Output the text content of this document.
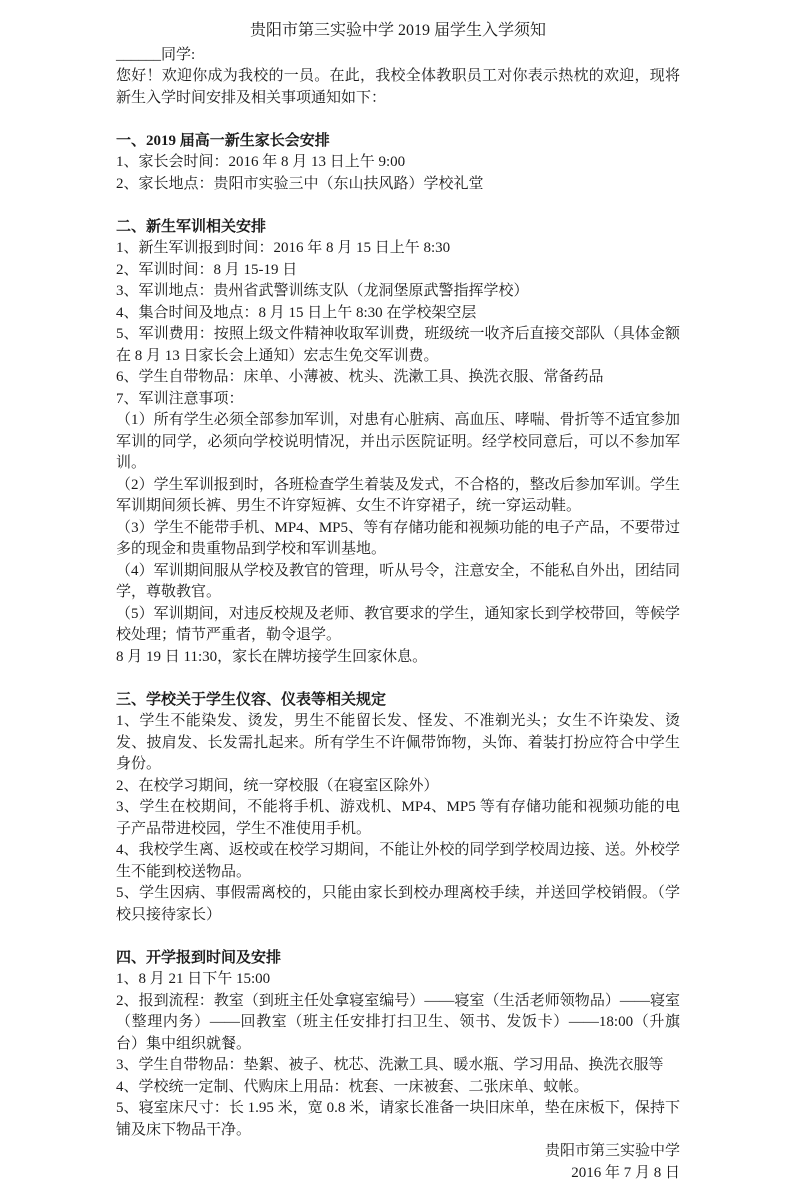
贵阳市第三实验中学 2019 届学生入学须知

______同学:

您好！欢迎你成为我校的一员。在此，我校全体教职员工对你表示热枕的欢迎，现将新生入学时间安排及相关事项通知如下：

一、2019 届高一新生家长会安排

1、家长会时间：2016 年 8 月 13 日上午 9:00

2、家长地点：贵阳市实验三中（东山扶风路）学校礼堂

二、新生军训相关安排

1、新生军训报到时间：2016 年 8 月 15 日上午 8:30

2、军训时间：8 月 15-19 日

3、军训地点：贵州省武警训练支队（龙洞堡原武警指挥学校）

4、集合时间及地点：8 月 15 日上午 8:30 在学校架空层

5、军训费用：按照上级文件精神收取军训费，班级统一收齐后直接交部队（具体金额在 8 月 13 日家长会上通知）宏志生免交军训费。

6、学生自带物品：床单、小薄被、枕头、洗漱工具、换洗衣服、常备药品

7、军训注意事项：

（1）所有学生必须全部参加军训，对患有心脏病、高血压、哮喘、骨折等不适宜参加军训的同学，必须向学校说明情况，并出示医院证明。经学校同意后，可以不参加军训。

（2）学生军训报到时，各班检查学生着装及发式，不合格的，整改后参加军训。学生军训期间须长裤、男生不许穿短裤、女生不许穿裙子，统一穿运动鞋。

（3）学生不能带手机、MP4、MP5、等有存储功能和视频功能的电子产品，不要带过多的现金和贵重物品到学校和军训基地。

（4）军训期间服从学校及教官的管理，听从号令，注意安全，不能私自外出，团结同学，尊敬教官。

（5）军训期间，对违反校规及老师、教官要求的学生，通知家长到学校带回，等候学校处理；情节严重者，勒令退学。

8 月 19 日 11:30，家长在牌坊接学生回家休息。

三、学校关于学生仪容、仪表等相关规定

1、学生不能染发、烫发，男生不能留长发、怪发、不准剃光头；女生不许染发、烫发、披肩发、长发需扎起来。所有学生不许佩带饰物，头饰、着装打扮应符合中学生身份。

2、在校学习期间，统一穿校服（在寝室区除外）

3、学生在校期间，不能将手机、游戏机、MP4、MP5 等有存储功能和视频功能的电子产品带进校园，学生不准使用手机。

4、我校学生离、返校或在校学习期间，不能让外校的同学到学校周边接、送。外校学生不能到校送物品。

5、学生因病、事假需离校的，只能由家长到校办理离校手续，并送回学校销假。（学校只接待家长）

四、开学报到时间及安排

1、8 月 21 日下午 15:00

2、报到流程：教室（到班主任处拿寝室编号）——寝室（生活老师领物品）——寝室（整理内务）——回教室（班主任安排打扫卫生、领书、发饭卡）——18:00（升旗台）集中组织就餐。

3、学生自带物品：垫絮、被子、枕芯、洗漱工具、暖水瓶、学习用品、换洗衣服等

4、学校统一定制、代购床上用品：枕套、一床被套、二张床单、蚊帐。

5、寝室床尺寸：长 1.95 米，宽 0.8 米，请家长准备一块旧床单，垫在床板下，保持下铺及床下物品干净。

贵阳市第三实验中学

2016 年 7 月 8 日
